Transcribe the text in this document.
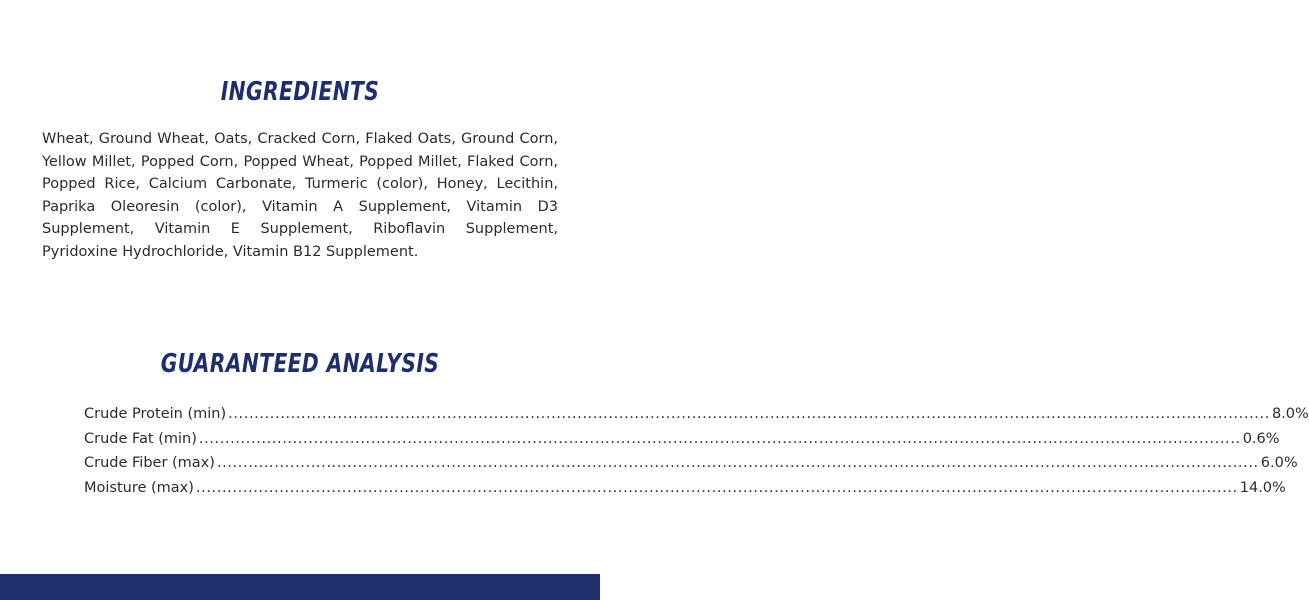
INGREDIENTS

Wheat, Ground Wheat, Oats, Cracked Corn, Flaked Oats, Ground Corn, Yellow Millet, Popped Corn, Popped Wheat, Popped Millet, Flaked Corn, Popped Rice, Calcium Carbonate, Turmeric (color), Honey, Lecithin, Paprika Oleoresin (color), Vitamin A Supplement, Vitamin D3 Supplement, Vitamin E Supplement, Riboflavin Supplement, Pyridoxine Hydrochloride, Vitamin B12 Supplement.

GUARANTEED ANALYSIS
Crude Protein (min) ........................................................................................................................................................................................................ 8.0%
Crude Fat (min) ........................................................................................................................................................................................................ 0.6%
Crude Fiber (max) ........................................................................................................................................................................................................ 6.0%
Moisture (max) ........................................................................................................................................................................................................ 14.0%
